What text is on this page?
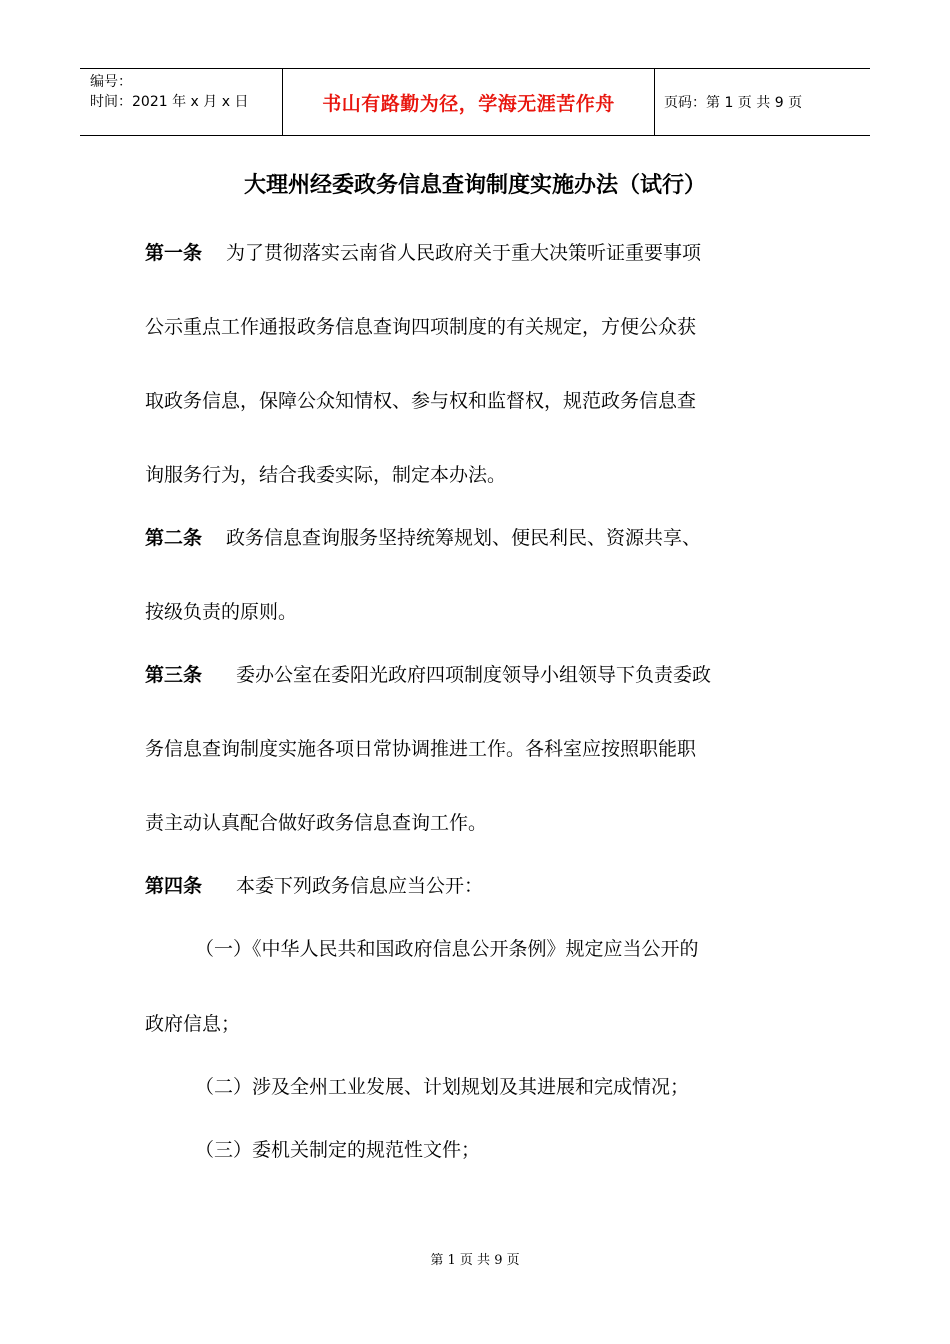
编号：
时间：2021 年 x 月 x 日	书山有路勤为径，学海无涯苦作舟	页码：第 1 页 共 9 页
大理州经委政务信息查询制度实施办法（试行）
第一条 为了贯彻落实云南省人民政府关于重大决策听证重要事项
公示重点工作通报政务信息查询四项制度的有关规定，方便公众获
取政务信息，保障公众知情权、参与权和监督权，规范政务信息查
询服务行为，结合我委实际，制定本办法。
第二条 政务信息查询服务坚持统筹规划、便民利民、资源共享、
按级负责的原则。
第三条 委办公室在委阳光政府四项制度领导小组领导下负责委政
务信息查询制度实施各项日常协调推进工作。各科室应按照职能职
责主动认真配合做好政务信息查询工作。
第四条 本委下列政务信息应当公开：
（一）《中华人民共和国政府信息公开条例》规定应当公开的
政府信息；
（二）涉及全州工业发展、计划规划及其进展和完成情况；
（三）委机关制定的规范性文件；
第 1 页 共 9 页
